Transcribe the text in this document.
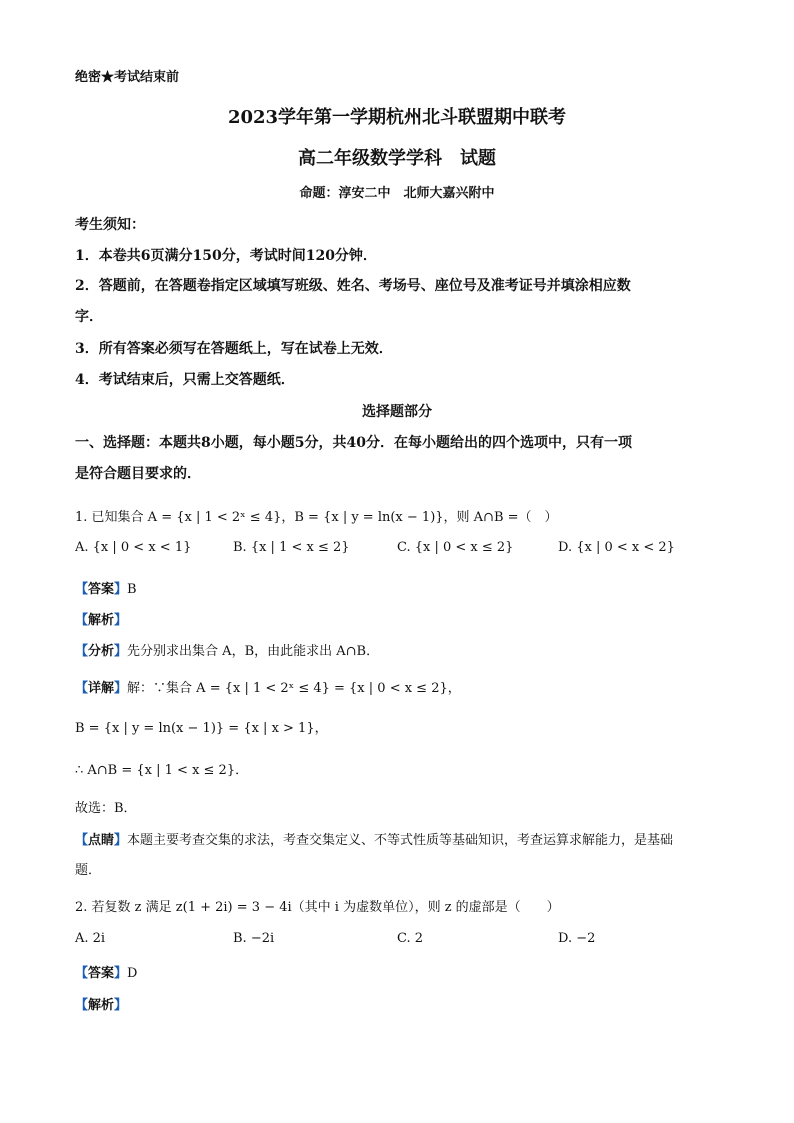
绝密★考试结束前
2023学年第一学期杭州北斗联盟期中联考
高二年级数学学科　试题
命题：淳安二中　北师大嘉兴附中
考生须知：
1．本卷共6页满分150分，考试时间120分钟．
2．答题前，在答题卷指定区域填写班级、姓名、考场号、座位号及准考证号并填涂相应数
字．
3．所有答案必须写在答题纸上，写在试卷上无效．
4．考试结束后，只需上交答题纸．
选择题部分
一、选择题：本题共8小题，每小题5分，共40分．在每小题给出的四个选项中，只有一项
是符合题目要求的．
1. 已知集合 A = {x | 1 < 2ˣ ≤ 4}，B = {x | y = ln(x − 1)}，则 A∩B =（　）
A. {x | 0 < x < 1}	B. {x | 1 < x ≤ 2}	C. {x | 0 < x ≤ 2}	D. {x | 0 < x < 2}
【答案】B
【解析】
【分析】先分别求出集合 A，B，由此能求出 A∩B．
【详解】解：∵集合 A = {x | 1 < 2ˣ ≤ 4} = {x | 0 < x ≤ 2}，
B = {x | y = ln(x − 1)} = {x | x > 1}，
∴ A∩B = {x | 1 < x ≤ 2}．
故选：B．
【点睛】本题主要考查交集的求法，考查交集定义、不等式性质等基础知识，考查运算求解能力，是基础
题．
2. 若复数 z 满足 z(1 + 2i) = 3 − 4i（其中 i 为虚数单位），则 z 的虚部是（　　）
A. 2i	B. −2i	C. 2	D. −2
【答案】D
【解析】
